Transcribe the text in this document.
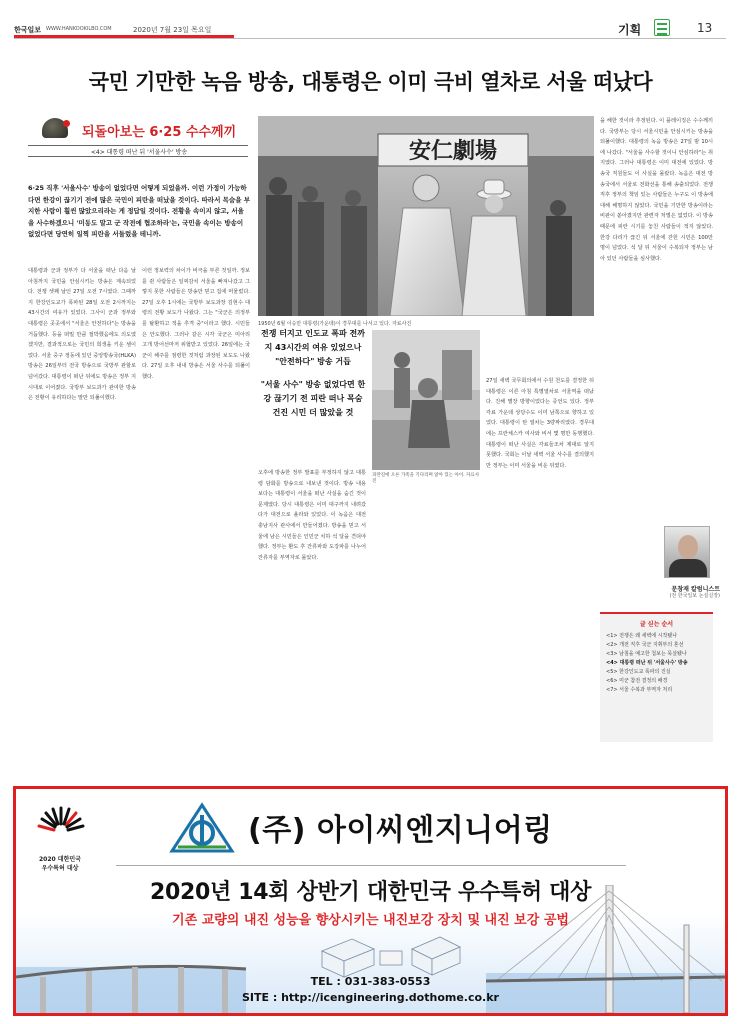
한국일보 WWW.HANKOOKILBO.COM	2020년 7월 23일 목요일	기획	13
국민 기만한 녹음 방송, 대통령은 이미 극비 열차로 서울 떠났다
되돌아보는 6·25 수수께끼
<4> 대통령 떠난 뒤 '서울사수' 방송

6·25 직후 '서울사수' 방송이 없었다면 어떻게 되었을까. 이런 가정이 가능하다면 한강이 끊기기 전에 많은 국민이 피란을 떠났을 것이다. 따라서 목숨을 부지한 사람이 훨씬 많았으리라는 게 정답일 것이다. 전황을 속이지 않고, 서울을 사수하겠으니 '미동도 말고 군 작전에 협조하라'는, 국민을 속이는 방송이 없었다면 당연히 일찍 피란을 서둘렀을 테니까.

대통령과 군과 정부가 다 서울을 떠난 다음 날 아침까지 국민을 안심시키는 방송은 계속되었다. 전쟁 셋째 날인 27일 오전 7시였다. 그때까지 한강인도교가 폭파된 28일 오전 2시까지는 43시간의 여유가 있었다. 그사이 군과 정부와 대통령은 곳곳에서 "서울은 안전하다"는 방송을 거듭했다. 등을 떠밀 만큼 절박했음에도 의도였겠지만, 결과적으로는 국민의 희생을 키운 셈이었다. 서울 중구 정동에 있던 중앙방송국(HLKA) 방송은 26일부터 전국 방송으로 국방부 관할로 넘어갔다. 대통령이 떠난 뒤에도 방송은 정부 지시대로 이어졌다. 국방부 보도과가 관여한 방송은 전황이 유리하다는 말만 되풀이했다.

이런 정보력의 차이가 비극을 부른 것일까. 정보를 쥔 사람들은 일찌감치 서울을 빠져나갔고 그렇지 못한 사람들은 방송만 믿고 집에 머물렀다. 27일 오후 1시에는 국방부 보도과장 김현수 대령의 전황 보도가 나왔다. 그는 "국군은 의정부를 탈환하고 적을 추격 중"이라고 했다. 시민들은 안도했다. 그러나 같은 시각 국군은 미아리 고개 방어선마저 위협받고 있었다. 26일에는 국군이 해주를 점령한 것처럼 과장된 보도도 나왔다. 27일 오후 내내 방송은 서울 사수를 되풀이했다.

오후에 방송한 정부 발표를 부정하지 않고 대통령 담화를 방송으로 내보낸 것이다. 방송 내용 보다는 대통령이 서울을 떠난 사실을 숨긴 것이 문제였다. 당시 대통령은 이미 대구까지 내려갔다가 대전으로 올라와 있었다. 이 녹음은 대전 충남지사 관사에서 만들어졌다. 방송을 믿고 서울에 남은 시민들은 인민군 치하 석 달을 견뎌야 했다. 정부는 환도 후 잔류파와 도강파를 나누어 잔류자를 부역자로 몰았다.

27일 새벽 국무회의에서 수원 천도를 결정한 뒤 대통령은 이른 아침 특별열차로 서울역을 떠났다. 진해 별장 방향이었다는 증언도 있다. 정부 각료 가운데 상당수도 이미 남쪽으로 향하고 있었다. 대통령이 탄 열차는 3량짜리였다. 경무대에는 프란체스카 여사와 비서 몇 명만 동행했다. 대통령이 떠난 사실은 각료들조차 제대로 알지 못했다. 국회는 이날 새벽 서울 사수를 결의했지만 정부는 이미 서울을 비운 뒤였다.

을 해한 것이라 추정된다. 이 플레이징은 수수께끼다. 국방부는 당시 서울시민을 안심시키는 방송을 되풀이했다. 대통령의 녹음 방송은 27일 밤 10시에 나갔다. "서울을 사수할 것이니 안심하라"는 취지였다. 그러나 대통령은 이미 대전에 있었다. 방송국 직원들도 이 사실을 몰랐다. 녹음은 대전 방송국에서 서울로 전화선을 통해 송출되었다. 전쟁 직후 정부의 책임 있는 사람들은 누구도 이 방송에 대해 해명하지 않았다. 국민을 기만한 방송이라는 비판이 쏟아졌지만 관련자 처벌은 없었다. 이 방송 때문에 피란 시기를 놓친 사람들이 적지 않았다. 한강 다리가 끊긴 뒤 서울에 갇힌 시민은 100만 명이 넘었다. 석 달 뒤 서울이 수복되자 정부는 남아 있던 사람들을 심사했다.

安仁劇場

1950년 6월 이승만 대통령(가운데)이 경무대를 나서고 있다. 자료사진

전쟁 터지고 인도교 폭파 전까지 43시간의 여유 있었으나 "안전하다" 방송 거듭

"서울 사수" 방송 없었다면 한강 끊기기 전 피란 떠나 목숨 건진 시민 더 많았을 것

피란길에 오른 가족을 기다리며 앉아 있는 아이. 자료사진

문창재 칼럼니스트

(전 한국일보 논설실장)

글 싣는 순서

<1> 전쟁은 왜 새벽에 시작됐나

<2> 개전 직후 국군 지휘부의 혼선

<3> 남침을 예고한 첩보는 묵살됐나

<4> 대통령 떠난 뒤 '서울사수' 방송

<5> 한강인도교 폭파의 진실

<6> 미군 참전 결정의 배경

<7> 서울 수복과 부역자 처리

2020 대한민국
우수특허 대상

(주) 아이씨엔지니어링

2020년 14회 상반기 대한민국 우수특허 대상

기존 교량의 내진 성능을 향상시키는 내진보강 장치 및 내진 보강 공법

TEL : 031-383-0553

SITE : http://icengineering.dothome.co.kr
